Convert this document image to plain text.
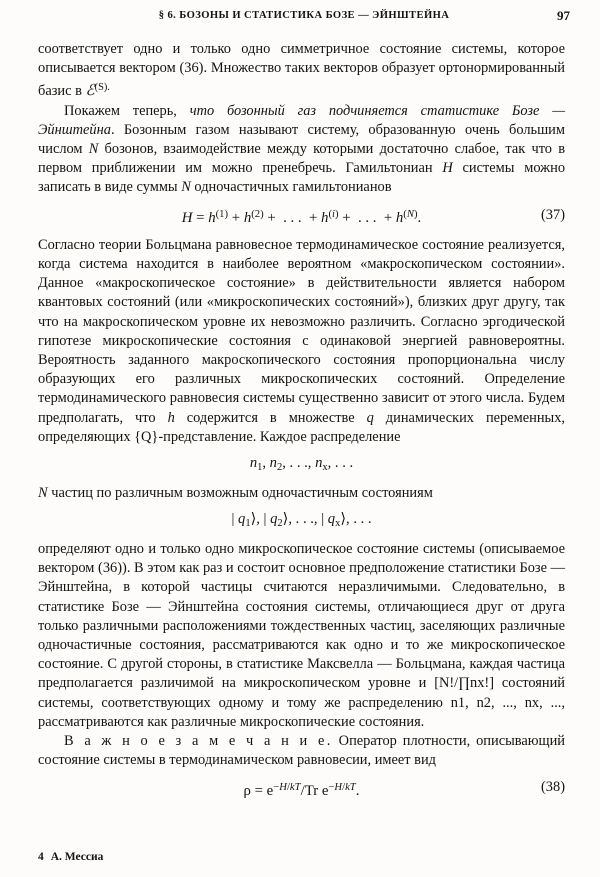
§ 6. БОЗОНЫ И СТАТИСТИКА БОЗЕ — ЭЙНШТЕЙНА	97

соответствует одно и только одно симметричное состояние системы, которое описывается вектором (36). Множество таких векторов образует ортонормированный базис в ℰ$^{(S).}$

Покажем теперь, что бозонный газ подчиняется статистике Бозе — Эйнштейна. Бозонным газом называют систему, образованную очень большим числом N бозонов, взаимодействие между которыми достаточно слабое, так что в первом приближении им можно пренебречь. Гамильтониан H системы можно записать в виде суммы N одночастичных гамильтонианов

$H = h^{(1)} + h^{(2)}$ +  . . .  + $h^{(i)}$ +  . . .  + $h^{(N)}$.	(37)

Согласно теории Больцмана равновесное термодинамическое состояние реализуется, когда система находится в наиболее вероятном «макроскопическом состоянии». Данное «макроскопическое состояние» в действительности является набором квантовых состояний (или «микроскопических состояний»), близких друг другу, так что на макроскопическом уровне их невозможно различить. Согласно эргодической гипотезе микроскопические состояния с одинаковой энергией равновероятны. Вероятность заданного макроскопического состояния пропорциональна числу образующих его различных микроскопических состояний. Определение термодинамического равновесия системы существенно зависит от этого числа. Будем предполагать, что h содержится в множестве q динамических переменных, определяющих {Q}-представление. Каждое распределение

$n_1$, $n_2$, . . ., $n_х$, . . .

N частиц по различным возможным одночастичным состояниям

| $q_1⟩$, | $q_2⟩$, . . ., | $q_х⟩$, . . .

определяют одно и только одно микроскопическое состояние системы (описываемое вектором (36)). В этом как раз и состоит основное предположение статистики Бозе — Эйнштейна, в которой частицы считаются неразличимыми. Следовательно, в статистике Бозе — Эйнштейна состояния системы, отличающиеся друг от друга только различными расположениями тождественных частиц, заселяющих различные одночастичные состояния, рассматриваются как одно и то же микроскопическое состояние. С другой стороны, в статистике Максвелла — Больцмана, каждая частица предполагается различимой на микроскопическом уровне и [N!/∏nx!] состояний системы, соответствующих одному и тому же распределению n1, n2, ..., nx, ..., рассматриваются как различные микроскопические состояния.

В а ж н о е з а м е ч а н и е. Оператор плотности, описывающий состояние системы в термодинамическом равновесии, имеет вид

$\rho = e^{-H/kT}/Tr$ $e^{-H/kT}$.	(38)
4 А. Мессиа
